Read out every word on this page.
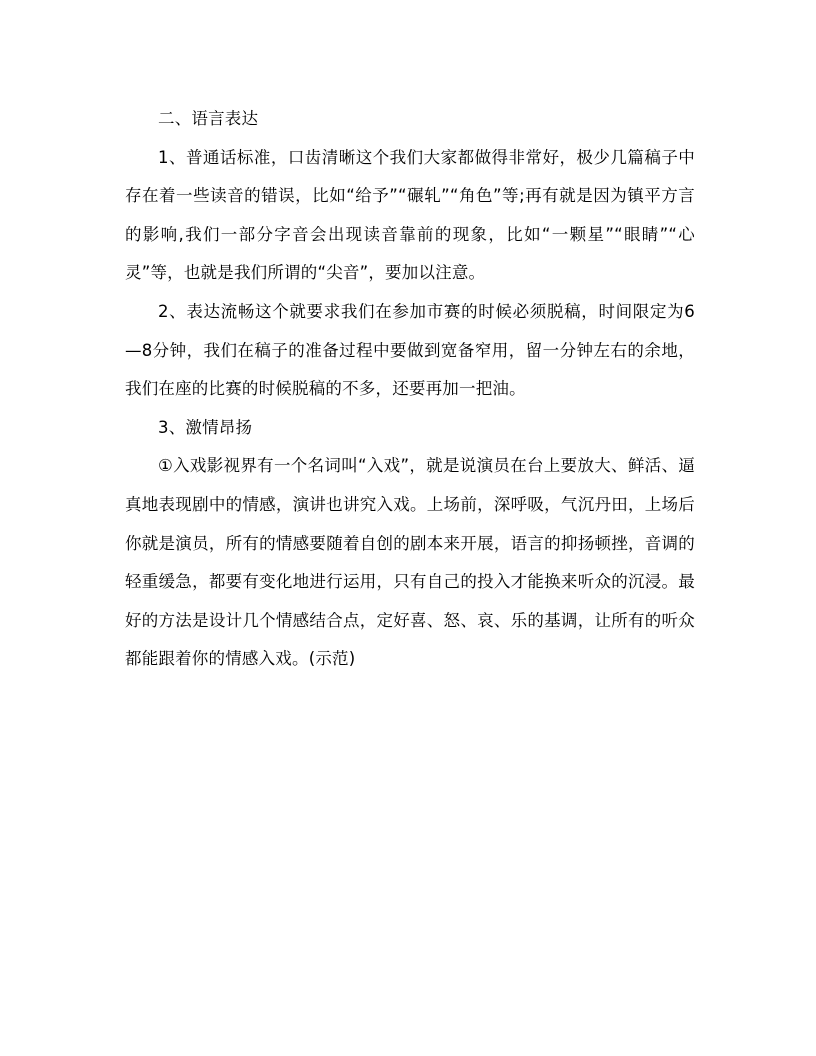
二、语言表达

1、普通话标准，口齿清晰这个我们大家都做得非常好，极少几篇稿子中存在着一些读音的错误，比如“给予”“碾轧”“角色”等;再有就是因为镇平方言的影响,我们一部分字音会出现读音靠前的现象，比如“一颗星”“眼睛”“心灵”等，也就是我们所谓的“尖音”，要加以注意。

2、表达流畅这个就要求我们在参加市赛的时候必须脱稿，时间限定为6—8分钟，我们在稿子的准备过程中要做到宽备窄用，留一分钟左右的余地，我们在座的比赛的时候脱稿的不多，还要再加一把油。

3、激情昂扬

①入戏影视界有一个名词叫“入戏”，就是说演员在台上要放大、鲜活、逼真地表现剧中的情感，演讲也讲究入戏。上场前，深呼吸，气沉丹田，上场后你就是演员，所有的情感要随着自创的剧本来开展，语言的抑扬顿挫，音调的轻重缓急，都要有变化地进行运用，只有自己的投入才能换来听众的沉浸。最好的方法是设计几个情感结合点，定好喜、怒、哀、乐的基调，让所有的听众都能跟着你的情感入戏。(示范)
